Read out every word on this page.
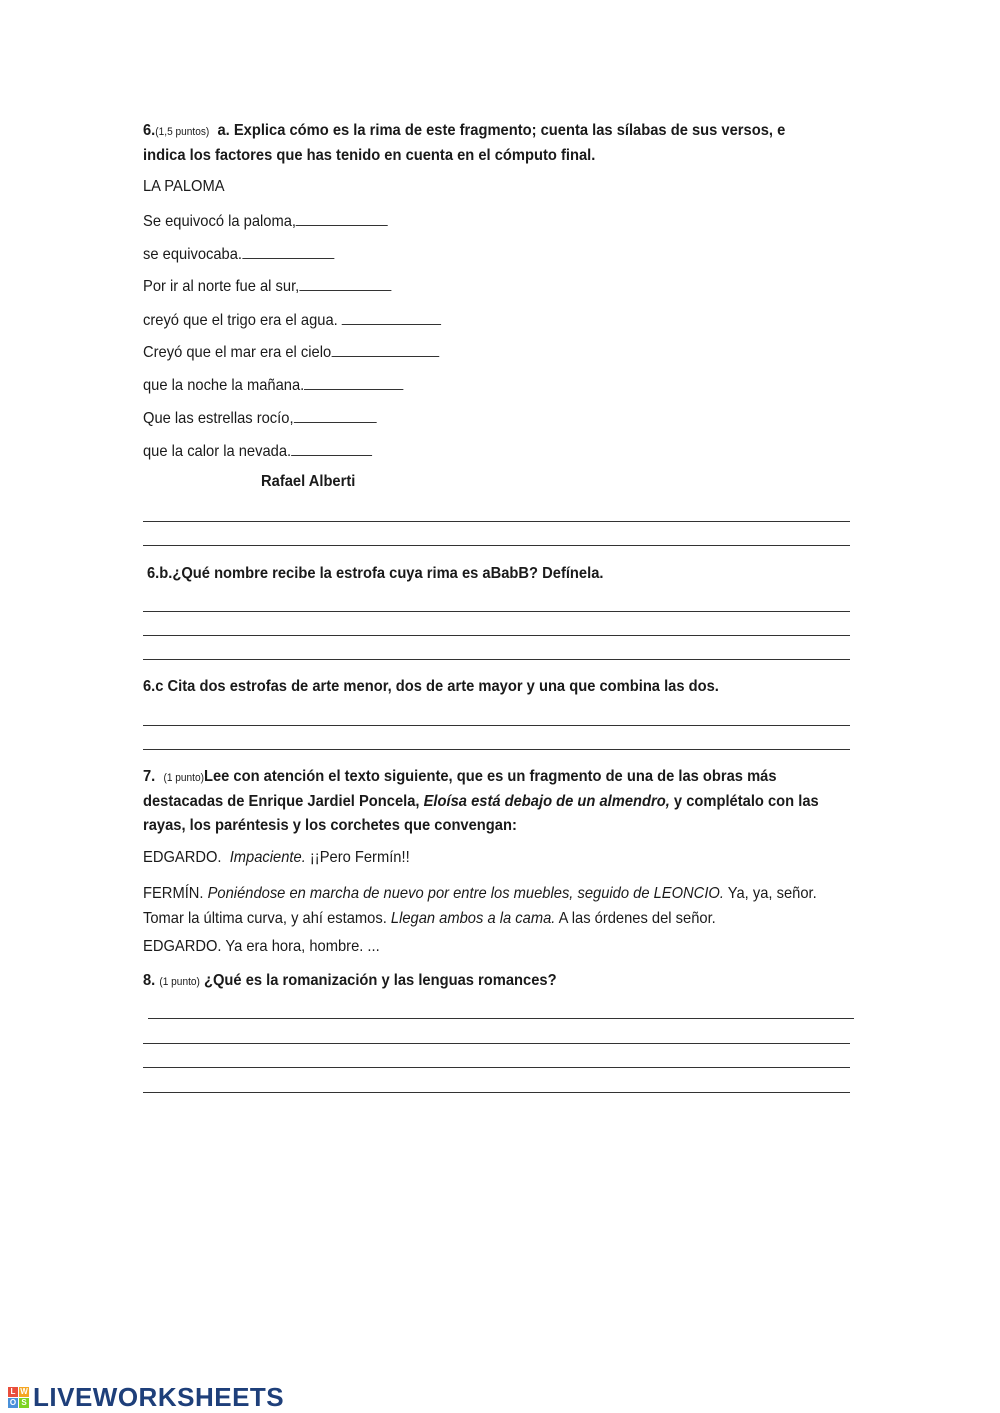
6.(1,5 puntos) a. Explica cómo es la rima de este fragmento; cuenta las sílabas de sus versos, e
indica los factores que has tenido en cuenta en el cómputo final.
LA PALOMA
Se equivocó la paloma,
se equivocaba.
Por ir al norte fue al sur,
creyó que el trigo era el agua.
Creyó que el mar era el cielo
que la noche la mañana.
Que las estrellas rocío,
que la calor la nevada.
Rafael Alberti
6.b.¿Qué nombre recibe la estrofa cuya rima es aBabB? Defínela.
6.c Cita dos estrofas de arte menor, dos de arte mayor y una que combina las dos.
7. (1 punto)Lee con atención el texto siguiente, que es un fragmento de una de las obras más
destacadas de Enrique Jardiel Poncela, Eloísa está debajo de un almendro, y complétalo con las
rayas, los paréntesis y los corchetes que convengan:
EDGARDO. Impaciente. ¡¡Pero Fermín!!
FERMÍN. Poniéndose en marcha de nuevo por entre los muebles, seguido de LEONCIO. Ya, ya, señor.
Tomar la última curva, y ahí estamos. Llegan ambos a la cama. A las órdenes del señor.
EDGARDO. Ya era hora, hombre. ...
8. (1 punto) ¿Qué es la romanización y las lenguas romances?
L W
O S LIVEWORKSHEETS
